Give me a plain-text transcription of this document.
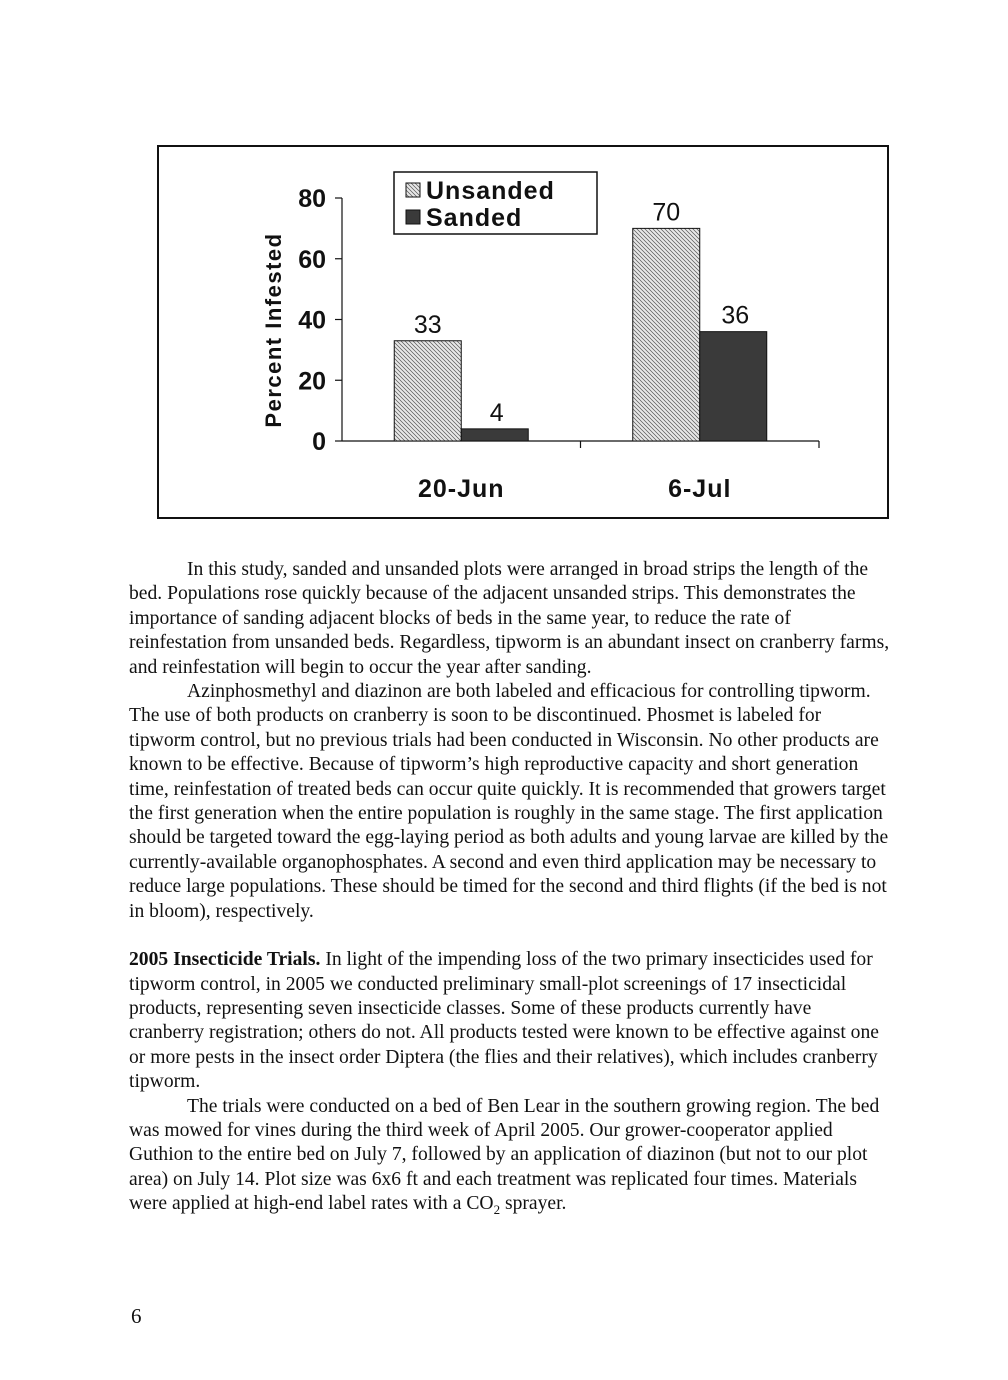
0
20
40
60
80
33
4
20-Jun
70
36
6-Jul
Percent Infested
Unsanded
Sanded

In this study, sanded and unsanded plots were arranged in broad strips the length of the bed. Populations rose quickly because of the adjacent unsanded strips. This demonstrates the importance of sanding adjacent blocks of beds in the same year, to reduce the rate of reinfestation from unsanded beds. Regardless, tipworm is an abundant insect on cranberry farms, and reinfestation will begin to occur the year after sanding.

Azinphosmethyl and diazinon are both labeled and efficacious for controlling tipworm. The use of both products on cranberry is soon to be discontinued. Phosmet is labeled for tipworm control, but no previous trials had been conducted in Wisconsin. No other products are known to be effective. Because of tipworm’s high reproductive capacity and short generation time, reinfestation of treated beds can occur quite quickly. It is recommended that growers target the first generation when the entire population is roughly in the same stage. The first application should be targeted toward the egg-laying period as both adults and young larvae are killed by the currently-available organophosphates. A second and even third application may be necessary to reduce large populations. These should be timed for the second and third flights (if the bed is not in bloom), respectively.

2005 Insecticide Trials. In light of the impending loss of the two primary insecticides used for tipworm control, in 2005 we conducted preliminary small-plot screenings of 17 insecticidal products, representing seven insecticide classes. Some of these products currently have cranberry registration; others do not. All products tested were known to be effective against one or more pests in the insect order Diptera (the flies and their relatives), which includes cranberry tipworm.

The trials were conducted on a bed of Ben Lear in the southern growing region. The bed was mowed for vines during the third week of April 2005. Our grower-cooperator applied Guthion to the entire bed on July 7, followed by an application of diazinon (but not to our plot area) on July 14. Plot size was 6x6 ft and each treatment was replicated four times. Materials were applied at high-end label rates with a $CO_2$ sprayer.

6
